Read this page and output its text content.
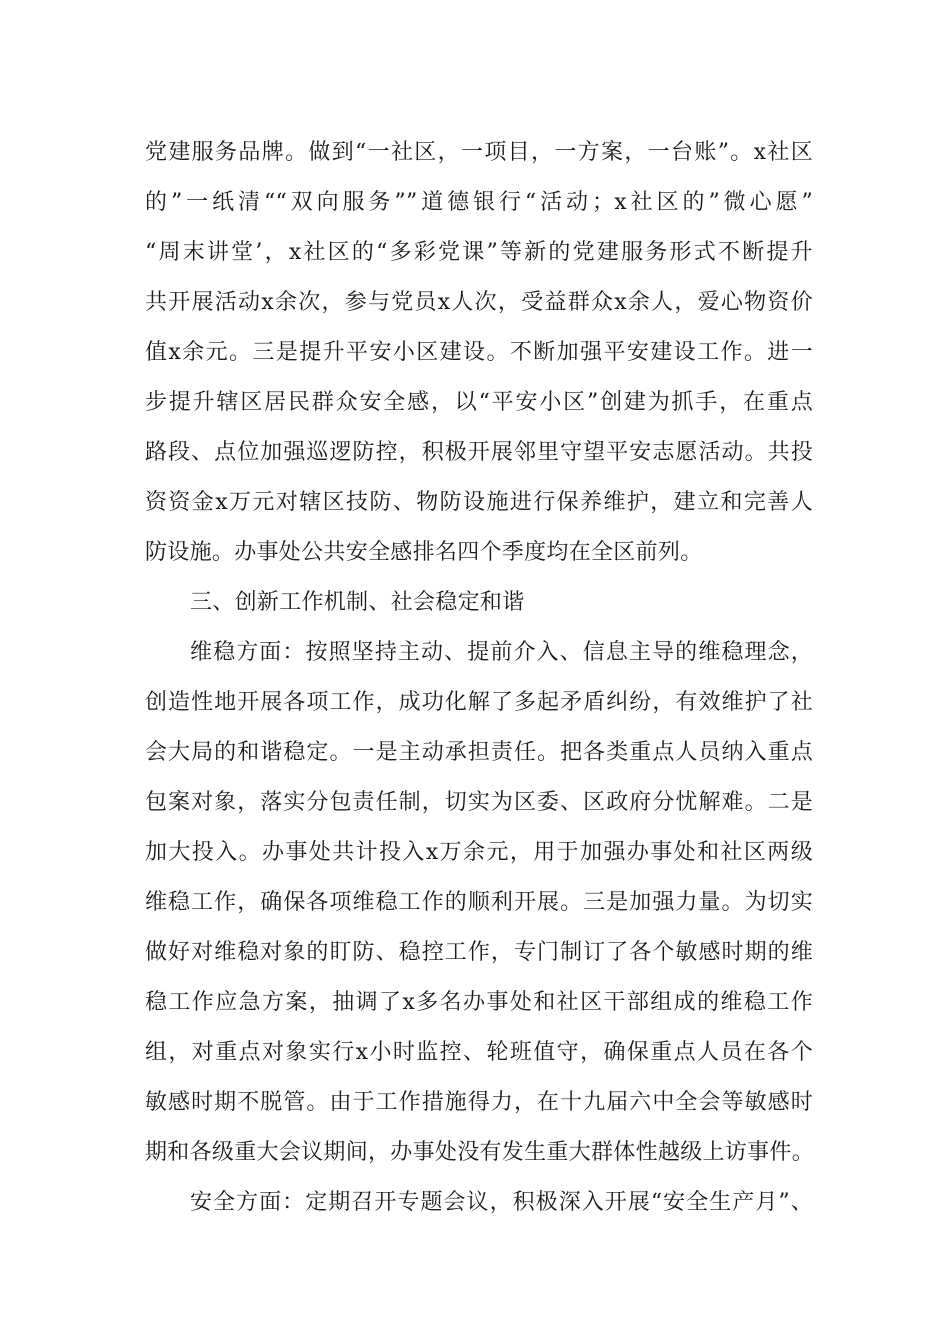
党建服务品牌。做到“一社区，一项目，一方案，一台账”。x社区
的”一纸清““双向服务””道德银行“活动；x社区的”微心愿”
“周末讲堂’，x社区的“多彩党课”等新的党建服务形式不断提升
共开展活动x余次，参与党员x人次，受益群众x余人，爱心物资价
值x余元。三是提升平安小区建设。不断加强平安建设工作。进一
步提升辖区居民群众安全感，以“平安小区”创建为抓手，在重点
路段、点位加强巡逻防控，积极开展邻里守望平安志愿活动。共投
资资金x万元对辖区技防、物防设施进行保养维护，建立和完善人
防设施。办事处公共安全感排名四个季度均在全区前列。
三、创新工作机制、社会稳定和谐
维稳方面：按照坚持主动、提前介入、信息主导的维稳理念，
创造性地开展各项工作，成功化解了多起矛盾纠纷，有效维护了社
会大局的和谐稳定。一是主动承担责任。把各类重点人员纳入重点
包案对象，落实分包责任制，切实为区委、区政府分忧解难。二是
加大投入。办事处共计投入x万余元，用于加强办事处和社区两级
维稳工作，确保各项维稳工作的顺利开展。三是加强力量。为切实
做好对维稳对象的盯防、稳控工作，专门制订了各个敏感时期的维
稳工作应急方案，抽调了x多名办事处和社区干部组成的维稳工作
组，对重点对象实行x小时监控、轮班值守，确保重点人员在各个
敏感时期不脱管。由于工作措施得力，在十九届六中全会等敏感时
期和各级重大会议期间，办事处没有发生重大群体性越级上访事件。
安全方面：定期召开专题会议，积极深入开展“安全生产月”、
